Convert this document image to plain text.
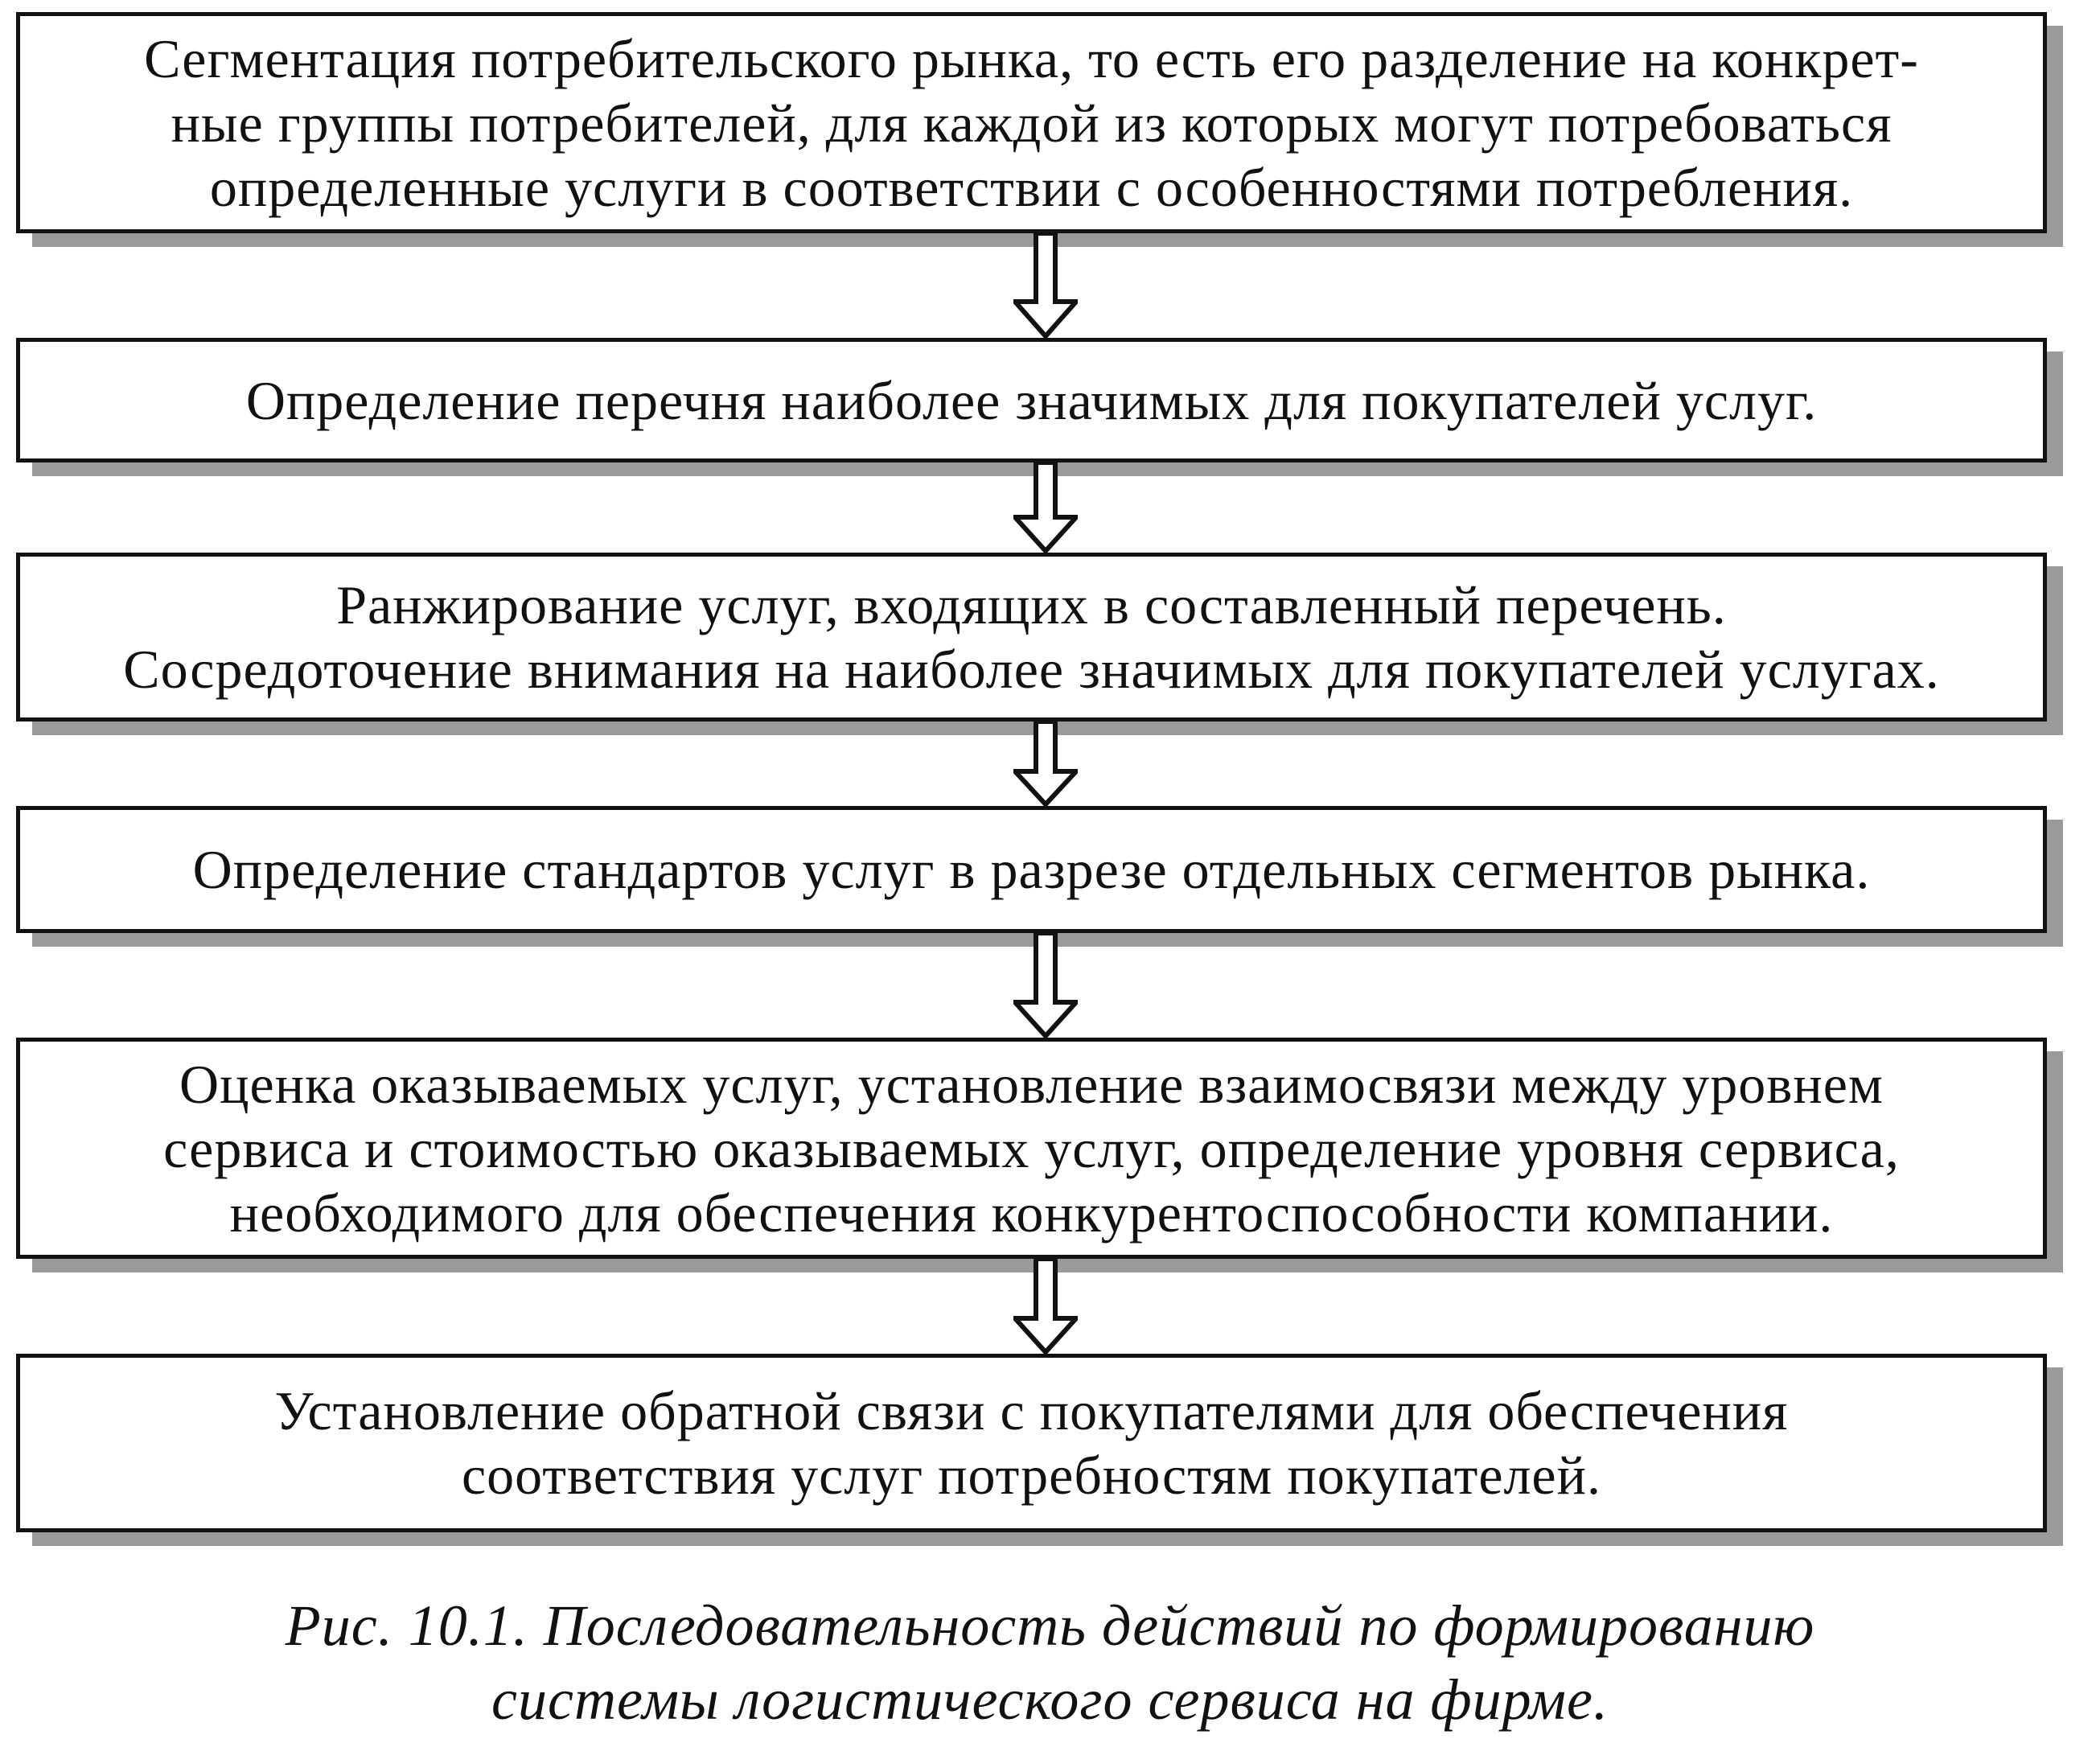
Сегментация потребительского рынка, то есть его разделение на конкрет-
ные группы потребителей, для каждой из которых могут потребоваться
определенные услуги в соответствии с особенностями потребления.
Определение перечня наиболее значимых для покупателей услуг.
Ранжирование услуг, входящих в составленный перечень.
Сосредоточение внимания на наиболее значимых для покупателей услугах.
Определение стандартов услуг в разрезе отдельных сегментов рынка.
Оценка оказываемых услуг, установление взаимосвязи между уровнем
сервиса и стоимостью оказываемых услуг, определение уровня сервиса,
необходимого для обеспечения конкурентоспособности компании.
Установление обратной связи с покупателями для обеспечения
соответствия услуг потребностям покупателей.
Рис. 10.1. Последовательность действий по формированию
системы логистического сервиса на фирме.
